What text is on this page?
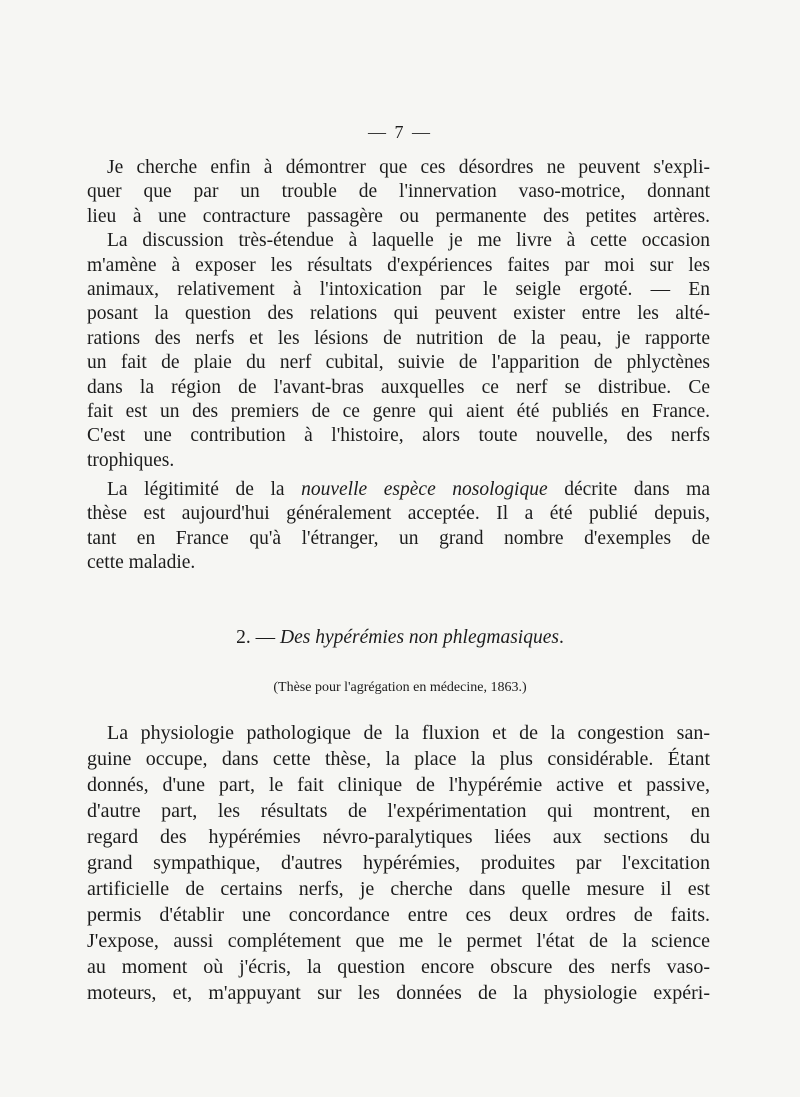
— 7 —
Je cherche enfin à démontrer que ces désordres ne peuvent s'expli-
quer que par un trouble de l'innervation vaso-motrice, donnant
lieu à une contracture passagère ou permanente des petites artères.
La discussion très-étendue à laquelle je me livre à cette occasion
m'amène à exposer les résultats d'expériences faites par moi sur les
animaux, relativement à l'intoxication par le seigle ergoté. — En
posant la question des relations qui peuvent exister entre les alté-
rations des nerfs et les lésions de nutrition de la peau, je rapporte
un fait de plaie du nerf cubital, suivie de l'apparition de phlyctènes
dans la région de l'avant-bras auxquelles ce nerf se distribue. Ce
fait est un des premiers de ce genre qui aient été publiés en France.
C'est une contribution à l'histoire, alors toute nouvelle, des nerfs
trophiques.
La légitimité de la nouvelle espèce nosologique décrite dans ma
thèse est aujourd'hui généralement acceptée. Il a été publié depuis,
tant en France qu'à l'étranger, un grand nombre d'exemples de
cette maladie.
2. — Des hypérémies non phlegmasiques.
(Thèse pour l'agrégation en médecine, 1863.)
La physiologie pathologique de la fluxion et de la congestion san-
guine occupe, dans cette thèse, la place la plus considérable. Étant
donnés, d'une part, le fait clinique de l'hypérémie active et passive,
d'autre part, les résultats de l'expérimentation qui montrent, en
regard des hypérémies névro-paralytiques liées aux sections du
grand sympathique, d'autres hypérémies, produites par l'excitation
artificielle de certains nerfs, je cherche dans quelle mesure il est
permis d'établir une concordance entre ces deux ordres de faits.
J'expose, aussi complétement que me le permet l'état de la science
au moment où j'écris, la question encore obscure des nerfs vaso-
moteurs, et, m'appuyant sur les données de la physiologie expéri-
